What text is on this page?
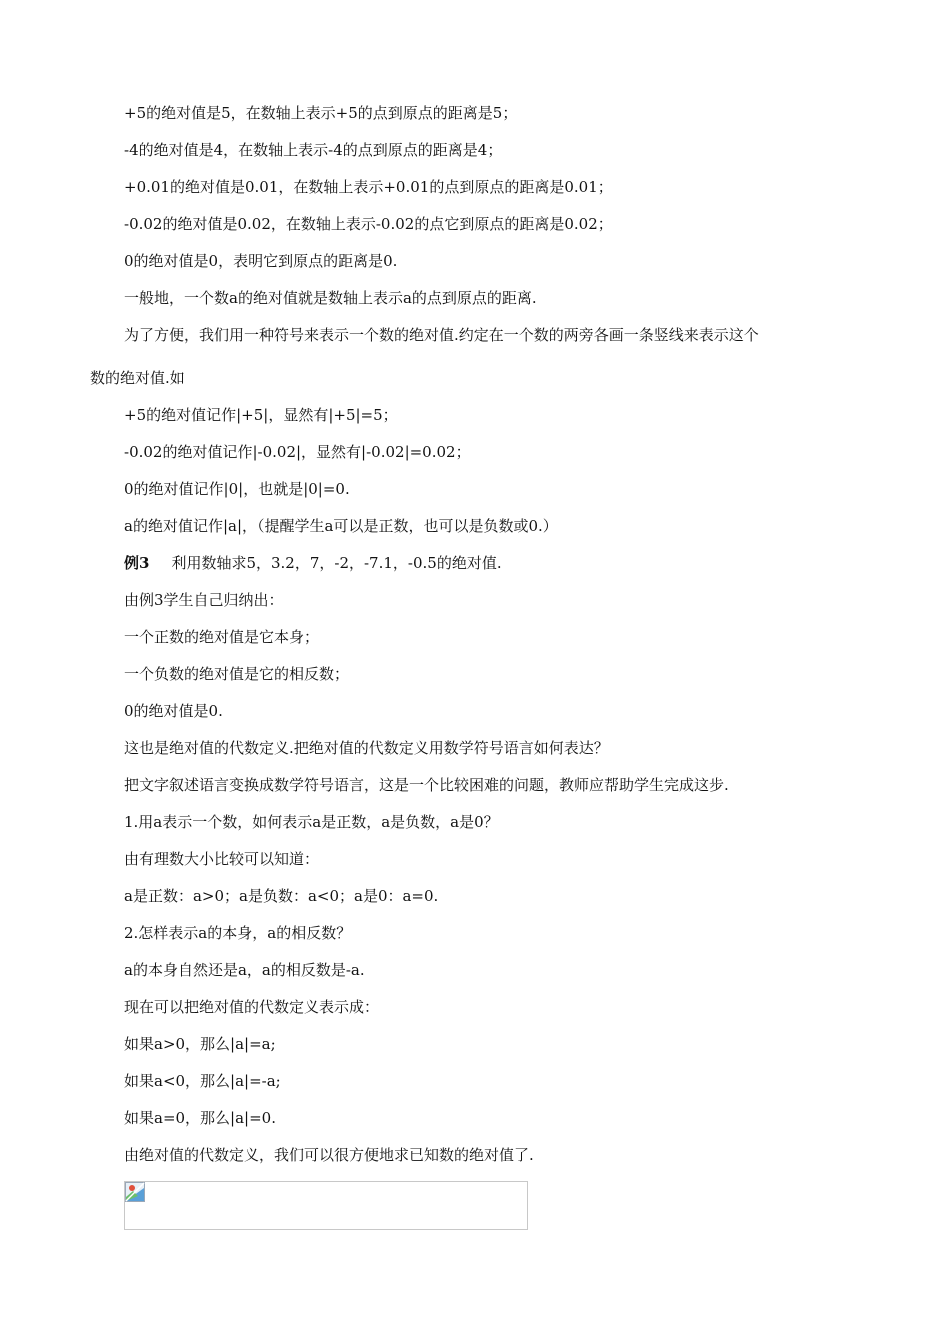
+5的绝对值是5，在数轴上表示+5的点到原点的距离是5；
-4的绝对值是4，在数轴上表示-4的点到原点的距离是4；
+0.01的绝对值是0.01，在数轴上表示+0.01的点到原点的距离是0.01；
-0.02的绝对值是0.02，在数轴上表示-0.02的点它到原点的距离是0.02；
0的绝对值是0，表明它到原点的距离是0.
一般地，一个数a的绝对值就是数轴上表示a的点到原点的距离.
为了方便，我们用一种符号来表示一个数的绝对值.约定在一个数的两旁各画一条竖线来表示这个
数的绝对值.如
+5的绝对值记作|+5|，显然有|+5|=5；
-0.02的绝对值记作|-0.02|，显然有|-0.02|=0.02；
0的绝对值记作|0|，也就是|0|=0.
a的绝对值记作|a|，（提醒学生a可以是正数，也可以是负数或0.）
例3 利用数轴求5，3.2，7，-2，-7.1，-0.5的绝对值.
由例3学生自己归纳出：
一个正数的绝对值是它本身；
一个负数的绝对值是它的相反数；
0的绝对值是0.
这也是绝对值的代数定义.把绝对值的代数定义用数学符号语言如何表达？
把文字叙述语言变换成数学符号语言，这是一个比较困难的问题，教师应帮助学生完成这步.
1.用a表示一个数，如何表示a是正数，a是负数，a是0？
由有理数大小比较可以知道：
a是正数：a>0；a是负数：a<0；a是0：a=0.
2.怎样表示a的本身，a的相反数？
a的本身自然还是a，a的相反数是-a.
现在可以把绝对值的代数定义表示成：
如果a>0，那么|a|=a;
如果a<0，那么|a|=-a;
如果a=0，那么|a|=0.
由绝对值的代数定义，我们可以很方便地求已知数的绝对值了.
